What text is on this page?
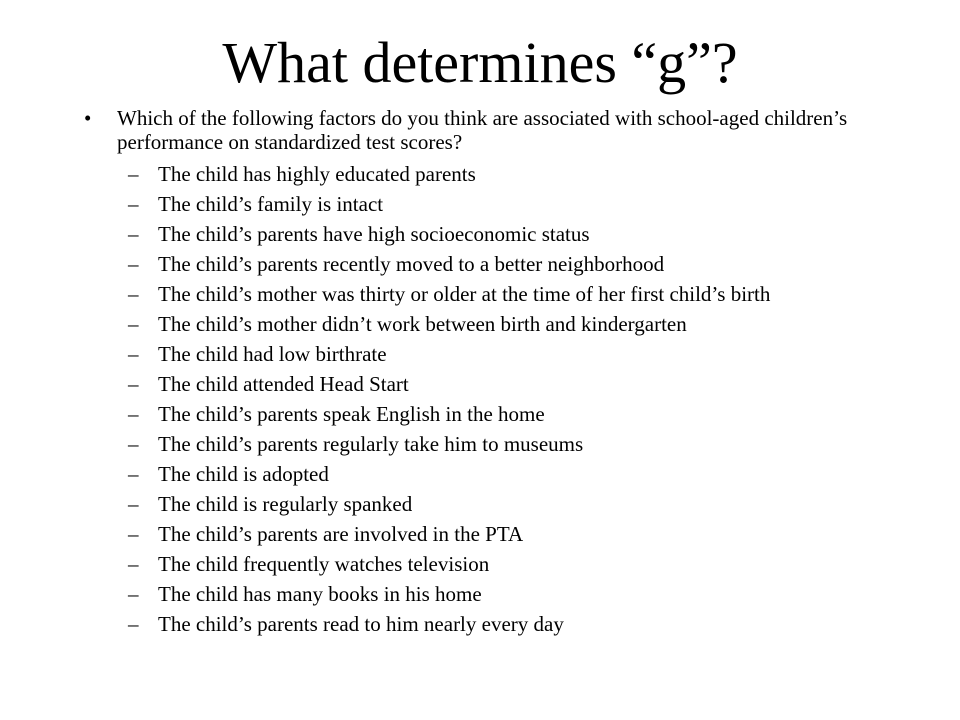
What determines “g”?
•	Which of the following factors do you think are associated with school-aged children’s performance on standardized test scores?
– The child has highly educated parents
– The child’s family is intact
– The child’s parents have high socioeconomic status
– The child’s parents recently moved to a better neighborhood
– The child’s mother was thirty or older at the time of her first child’s birth
– The child’s mother didn’t work between birth and kindergarten
– The child had low birthrate
– The child attended Head Start
– The child’s parents speak English in the home
– The child’s parents regularly take him to museums
– The child is adopted
– The child is regularly spanked
– The child’s parents are involved in the PTA
– The child frequently watches television
– The child has many books in his home
– The child’s parents read to him nearly every day
